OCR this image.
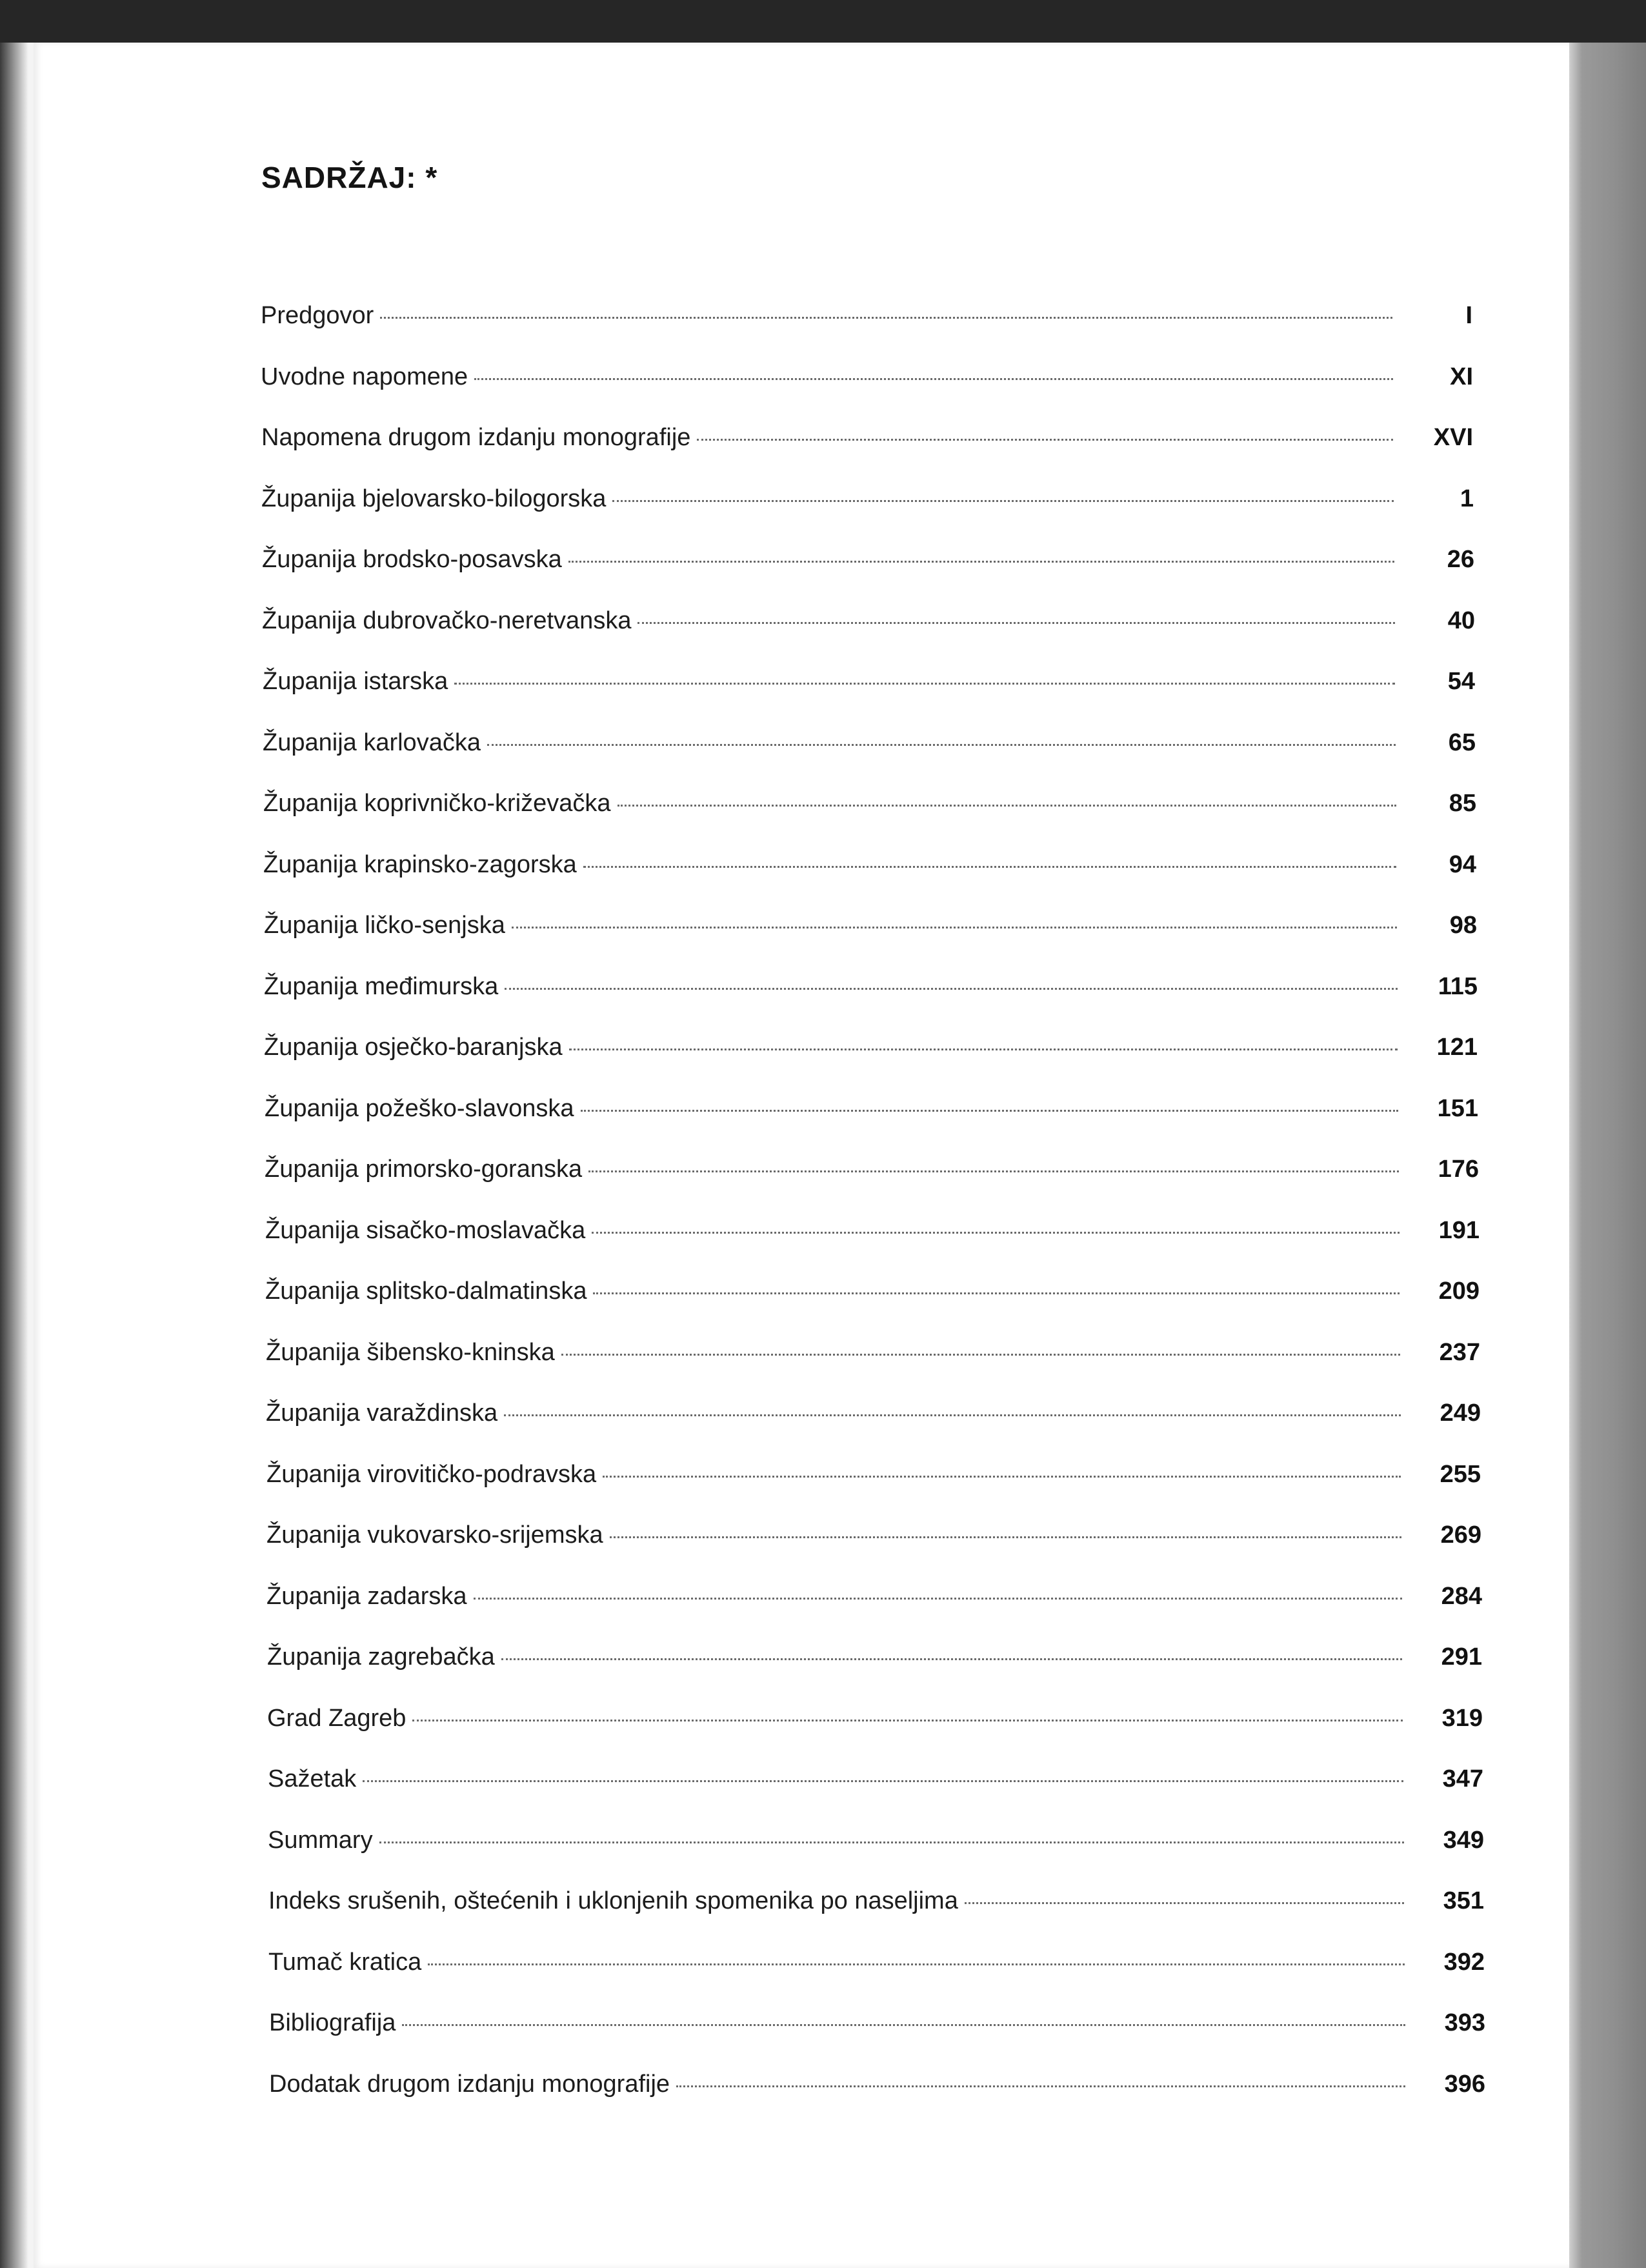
SADRŽAJ: *
Predgovor	I
Uvodne napomene	XI
Napomena drugom izdanju monografije	XVI
Županija bjelovarsko-bilogorska	1
Županija brodsko-posavska	26
Županija dubrovačko-neretvanska	40
Županija istarska	54
Županija karlovačka	65
Županija koprivničko-križevačka	85
Županija krapinsko-zagorska	94
Županija ličko-senjska	98
Županija međimurska	115
Županija osječko-baranjska	121
Županija požeško-slavonska	151
Županija primorsko-goranska	176
Županija sisačko-moslavačka	191
Županija splitsko-dalmatinska	209
Županija šibensko-kninska	237
Županija varaždinska	249
Županija virovitičko-podravska	255
Županija vukovarsko-srijemska	269
Županija zadarska	284
Županija zagrebačka	291
Grad Zagreb	319
Sažetak	347
Summary	349
Indeks srušenih, oštećenih i uklonjenih spomenika po naseljima	351
Tumač kratica	392
Bibliografija	393
Dodatak drugom izdanju monografije	396
